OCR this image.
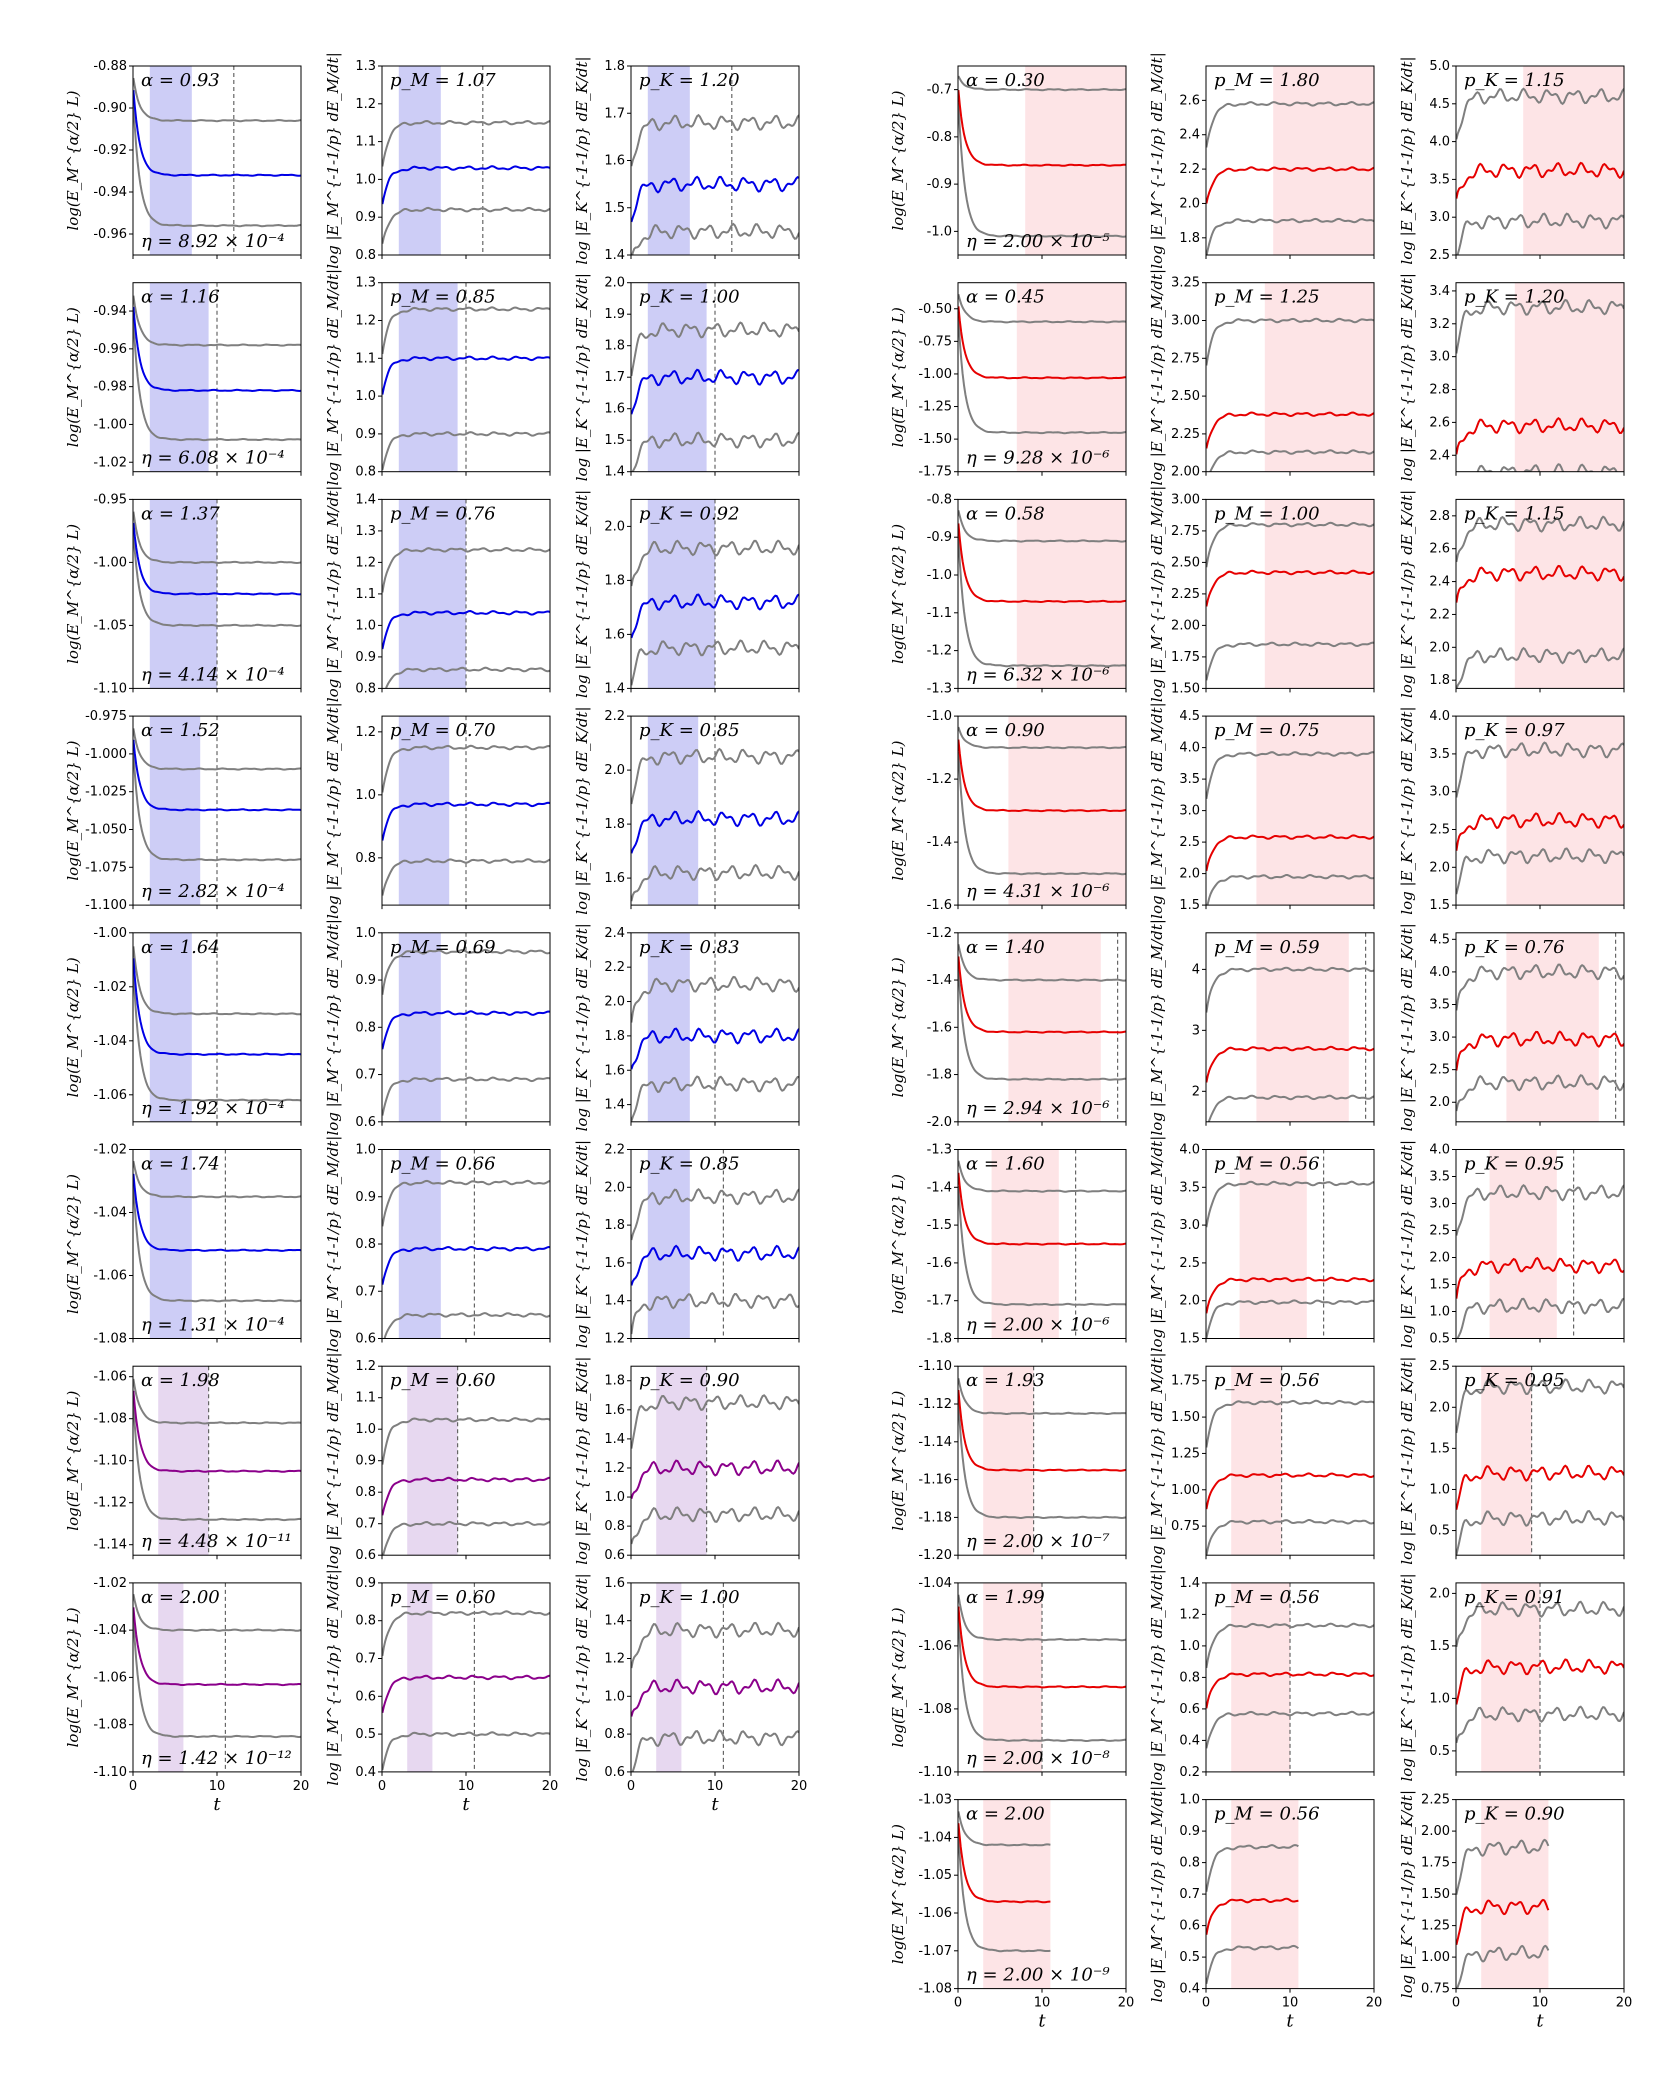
-0.88
-0.90
-0.92
-0.94
-0.96
log(E_M^{α/2} L)
α = 0.93
η = 8.92 × 10⁻⁴
0.8
0.9
1.0
1.1
1.2
1.3
log |E_M^{-1-1/p} dE_M/dt|	p_M = 1.07
1.4
1.5
1.6
1.7
1.8
log |E_K^{-1-1/p} dE_K/dt|	p_K = 1.20
-0.94
-0.96
-0.98
-1.00
-1.02
log(E_M^{α/2} L)
α = 1.16
η = 6.08 × 10⁻⁴
0.8
0.9
1.0
1.1
1.2
1.3
log |E_M^{-1-1/p} dE_M/dt|	p_M = 0.85
1.4
1.5
1.6
1.7
1.8
1.9
2.0
log |E_K^{-1-1/p} dE_K/dt|	p_K = 1.00
-0.95
-1.00
-1.05
-1.10
log(E_M^{α/2} L)
α = 1.37
η = 4.14 × 10⁻⁴
0.8
0.9
1.0
1.1
1.2
1.3
1.4
log |E_M^{-1-1/p} dE_M/dt|	p_M = 0.76
1.4
1.6
1.8
2.0
log |E_K^{-1-1/p} dE_K/dt|	p_K = 0.92
-0.975
-1.000
-1.025
-1.050
-1.075
-1.100
log(E_M^{α/2} L)
α = 1.52
η = 2.82 × 10⁻⁴
0.8
1.0
1.2
log |E_M^{-1-1/p} dE_M/dt|	p_M = 0.70
1.6
1.8
2.0
2.2
log |E_K^{-1-1/p} dE_K/dt|	p_K = 0.85
-1.00
-1.02
-1.04
-1.06
log(E_M^{α/2} L)
α = 1.64
η = 1.92 × 10⁻⁴
0.6
0.7
0.8
0.9
1.0
log |E_M^{-1-1/p} dE_M/dt|	p_M = 0.69
1.4
1.6
1.8
2.0
2.2
2.4
log |E_K^{-1-1/p} dE_K/dt|	p_K = 0.83
-1.02
-1.04
-1.06
-1.08
log(E_M^{α/2} L)
α = 1.74
η = 1.31 × 10⁻⁴
0.6
0.7
0.8
0.9
1.0
log |E_M^{-1-1/p} dE_M/dt|	p_M = 0.66
1.2
1.4
1.6
1.8
2.0
2.2
log |E_K^{-1-1/p} dE_K/dt|	p_K = 0.85
-1.06
-1.08
-1.10
-1.12
-1.14
log(E_M^{α/2} L)
α = 1.98
η = 4.48 × 10⁻¹¹
0.6
0.7
0.8
0.9
1.0
1.1
1.2
log |E_M^{-1-1/p} dE_M/dt|	p_M = 0.60
0.6
0.8
1.0
1.2
1.4
1.6
1.8
log |E_K^{-1-1/p} dE_K/dt|	p_K = 0.90
-1.02
-1.04
-1.06
-1.08
-1.10
0	10	20
t
log(E_M^{α/2} L)
α = 2.00
η = 1.42 × 10⁻¹²
0.4
0.5
0.6
0.7
0.8
0.9
0	10	20
t
log |E_M^{-1-1/p} dE_M/dt|	p_M = 0.60
0.6
0.8
1.0
1.2
1.4
1.6
0	10	20
t
log |E_K^{-1-1/p} dE_K/dt|	p_K = 1.00
-0.7
-0.8
-0.9
-1.0
log(E_M^{α/2} L)
α = 0.30
η = 2.00 × 10⁻⁵	1.8
2.0
2.2
2.4
2.6
log |E_M^{-1-1/p} dE_M/dt|	p_M = 1.80
2.5
3.0
3.5
4.0
4.5
5.0
log |E_K^{-1-1/p} dE_K/dt|	p_K = 1.15
-0.50
-0.75
-1.00
-1.25
-1.50
-1.75
log(E_M^{α/2} L)
α = 0.45
η = 9.28 × 10⁻⁶
2.00
2.25
2.50
2.75
3.00
3.25
log |E_M^{-1-1/p} dE_M/dt|	p_M = 1.25
2.4
2.6
2.8
3.0
3.2
3.4
log |E_K^{-1-1/p} dE_K/dt|	p_K = 1.20
-0.8
-0.9
-1.0
-1.1
-1.2
-1.3
log(E_M^{α/2} L)
α = 0.58
η = 6.32 × 10⁻⁶
1.50
1.75
2.00
2.25
2.50
2.75
3.00
log |E_M^{-1-1/p} dE_M/dt|	p_M = 1.00
1.8
2.0
2.2
2.4
2.6
2.8
log |E_K^{-1-1/p} dE_K/dt|	p_K = 1.15
-1.0
-1.2
-1.4
-1.6
log(E_M^{α/2} L)
α = 0.90
η = 4.31 × 10⁻⁶
1.5
2.0
2.5
3.0
3.5
4.0
4.5
log |E_M^{-1-1/p} dE_M/dt|	p_M = 0.75
1.5
2.0
2.5
3.0
3.5
4.0
log |E_K^{-1-1/p} dE_K/dt|	p_K = 0.97
-1.2
-1.4
-1.6
-1.8
-2.0
log(E_M^{α/2} L)
α = 1.40
η = 2.94 × 10⁻⁶
2
3
4
log |E_M^{-1-1/p} dE_M/dt|	p_M = 0.59
2.0
2.5
3.0
3.5
4.0
4.5
log |E_K^{-1-1/p} dE_K/dt|	p_K = 0.76
-1.3
-1.4
-1.5
-1.6
-1.7
-1.8
log(E_M^{α/2} L)
α = 1.60
η = 2.00 × 10⁻⁶
1.5
2.0
2.5
3.0
3.5
4.0
log |E_M^{-1-1/p} dE_M/dt|	p_M = 0.56
0.5
1.0
1.5
2.0
2.5
3.0
3.5
4.0
log |E_K^{-1-1/p} dE_K/dt|	p_K = 0.95
-1.10
-1.12
-1.14
-1.16
-1.18
-1.20
log(E_M^{α/2} L)
α = 1.93
η = 2.00 × 10⁻⁷
0.75
1.00
1.25
1.50
1.75
log |E_M^{-1-1/p} dE_M/dt|	p_M = 0.56
0.5
1.0
1.5
2.0
2.5
log |E_K^{-1-1/p} dE_K/dt|	p_K = 0.95
-1.04
-1.06
-1.08
-1.10
log(E_M^{α/2} L)
α = 1.99
η = 2.00 × 10⁻⁸
0.2
0.4
0.6
0.8
1.0
1.2
1.4
log |E_M^{-1-1/p} dE_M/dt|	p_M = 0.56
0.5
1.0
1.5
2.0
log |E_K^{-1-1/p} dE_K/dt|	p_K = 0.91
-1.03
-1.04
-1.05
-1.06
-1.07
-1.08
0	10	20
t
log(E_M^{α/2} L)
α = 2.00
η = 2.00 × 10⁻⁹
0.4
0.5
0.6
0.7
0.8
0.9
1.0
0	10	20
t
log |E_M^{-1-1/p} dE_M/dt|	p_M = 0.56
0.75
1.00
1.25
1.50
1.75
2.00
2.25
0	10	20
t
log |E_K^{-1-1/p} dE_K/dt|	p_K = 0.90
